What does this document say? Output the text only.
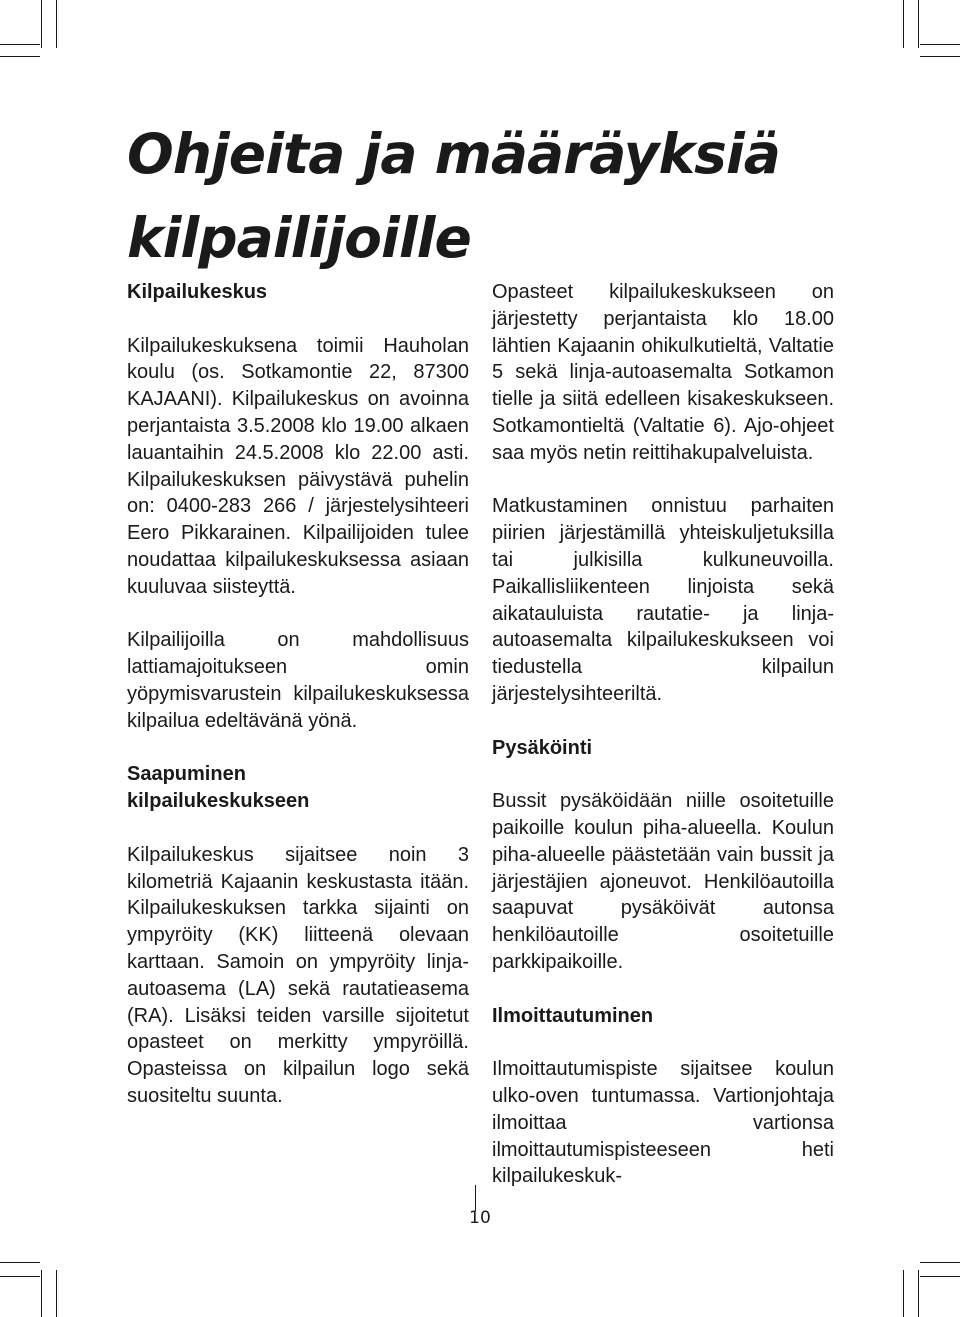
Ohjeita ja määräyksiä
kilpailijoille
Kilpailukeskus

Kilpailukeskuksena toimii Hauholan koulu (os. Sotkamontie 22, 87300 KAJAANI). Kilpailukeskus on avoinna perjantaista 3.5.2008 klo 19.00 alkaen lauantaihin 24.5.2008 klo 22.00 asti. Kilpailukeskuksen päivystävä puhelin on: 0400-283 266 / järjestelysihteeri Eero Pikkarainen. Kilpailijoiden tulee noudattaa kilpailukeskuksessa asiaan kuuluvaa siisteyttä.

Kilpailijoilla on mahdollisuus lattiamajoitukseen omin yöpymisvarustein kilpailukeskuksessa kilpailua edeltävänä yönä.

Saapuminen
kilpailukeskukseen

Kilpailukeskus sijaitsee noin 3 kilometriä Kajaanin keskustasta itään. Kilpailukeskuksen tarkka sijainti on ympyröity (KK) liitteenä olevaan karttaan. Samoin on ympyröity linja-autoasema (LA) sekä rautatieasema (RA). Lisäksi teiden varsille sijoitetut opasteet on merkitty ympyröillä. Opasteissa on kilpailun logo sekä suositeltu suunta.

Opasteet kilpailukeskukseen on järjestetty perjantaista klo 18.00 lähtien Kajaanin ohikulkutieltä, Valtatie 5 sekä linja-autoasemalta Sotkamon tielle ja siitä edelleen kisakeskukseen. Sotkamontieltä (Valtatie 6). Ajo-ohjeet saa myös netin reittihakupalveluista.

Matkustaminen onnistuu parhaiten piirien järjestämillä yhteiskuljetuksilla tai julkisilla kulkuneuvoilla. Paikallisliikenteen linjoista sekä aikatauluista rautatie- ja linja-autoasemalta kilpailukeskukseen voi tiedustella kilpailun järjestelysihteeriltä.

Pysäköinti

Bussit pysäköidään niille osoitetuille paikoille koulun piha-alueella. Koulun piha-alueelle päästetään vain bussit ja järjestäjien ajoneuvot. Henkilöautoilla saapuvat pysäköivät autonsa henkilöautoille osoitetuille parkkipaikoille.

Ilmoittautuminen

Ilmoittautumispiste sijaitsee koulun ulko-oven tuntumassa. Vartionjohtaja ilmoittaa vartionsa ilmoittautumispisteeseen heti kilpailukeskuk-

10
